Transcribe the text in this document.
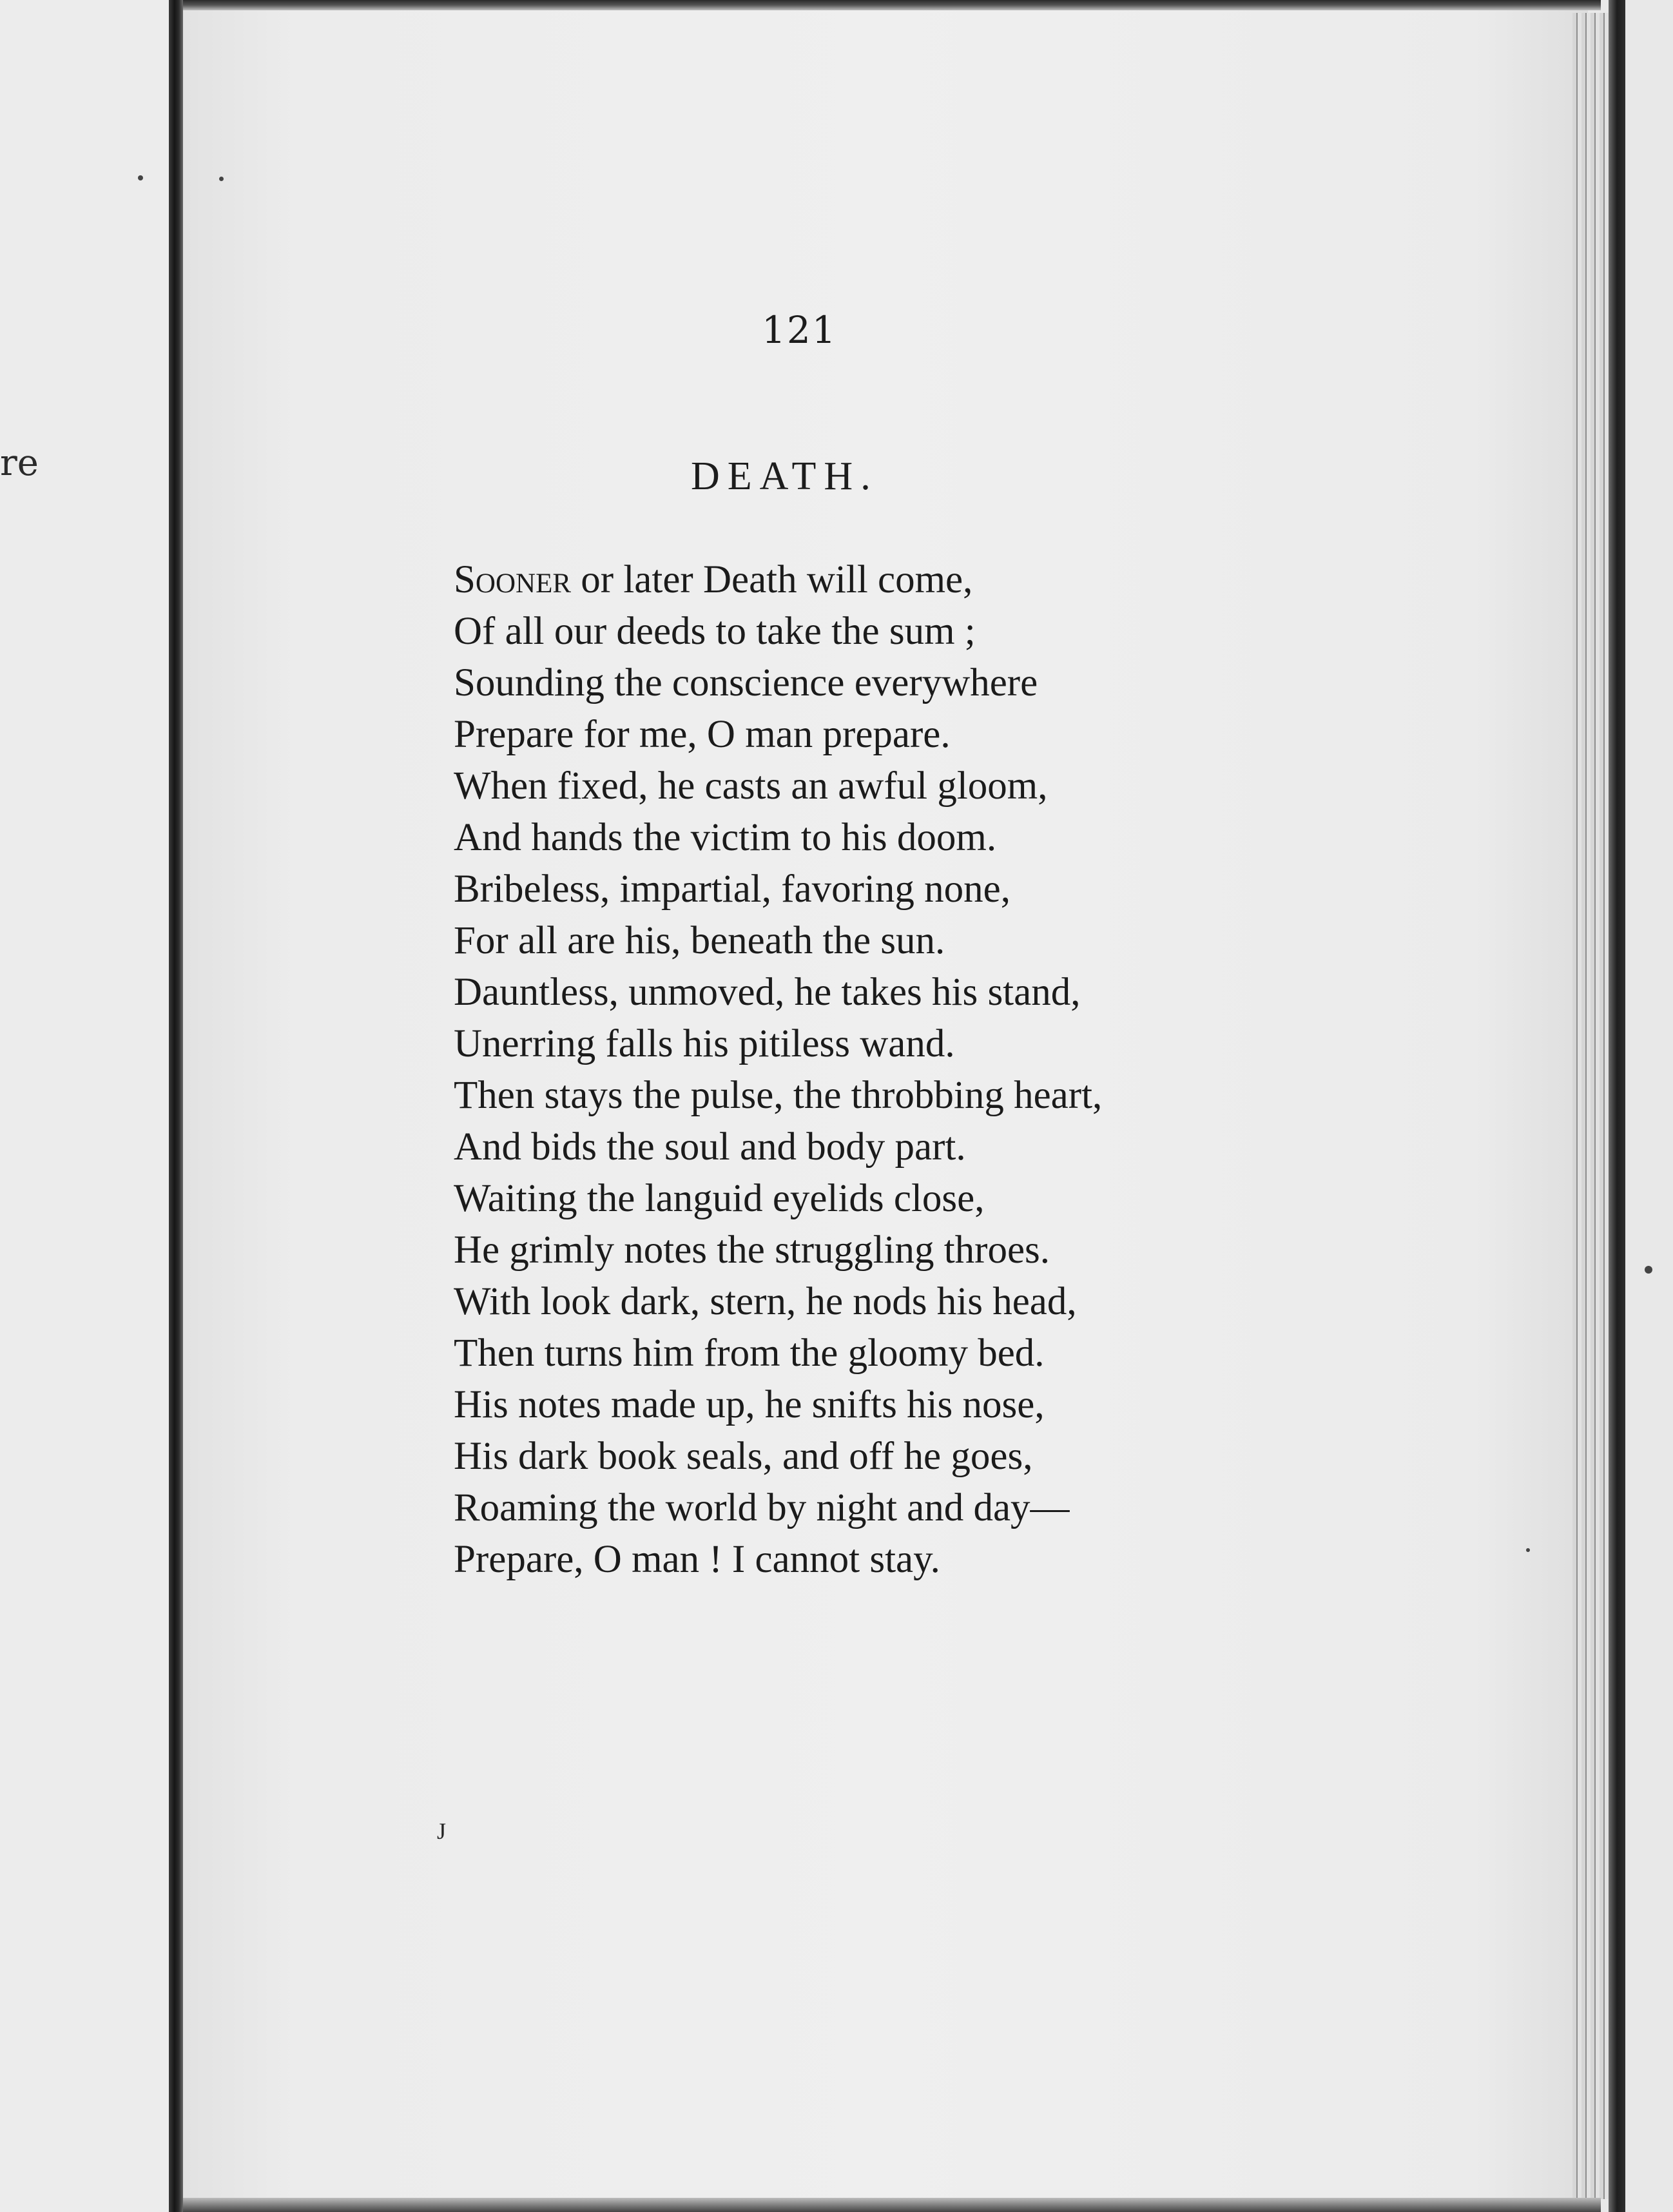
re
121
DEATH.
Sooner or later Death will come,
Of all our deeds to take the sum ;
Sounding the conscience everywhere
Prepare for me, O man prepare.
When fixed, he casts an awful gloom,
And hands the victim to his doom.
Bribeless, impartial, favoring none,
For all are his, beneath the sun.
Dauntless, unmoved, he takes his stand,
Unerring falls his pitiless wand.
Then stays the pulse, the throbbing heart,
And bids the soul and body part.
Waiting the languid eyelids close,
He grimly notes the struggling throes.
With look dark, stern, he nods his head,
Then turns him from the gloomy bed.
His notes made up, he snifts his nose,
His dark book seals, and off he goes,
Roaming the world by night and day—
Prepare, O man ! I cannot stay.
J
